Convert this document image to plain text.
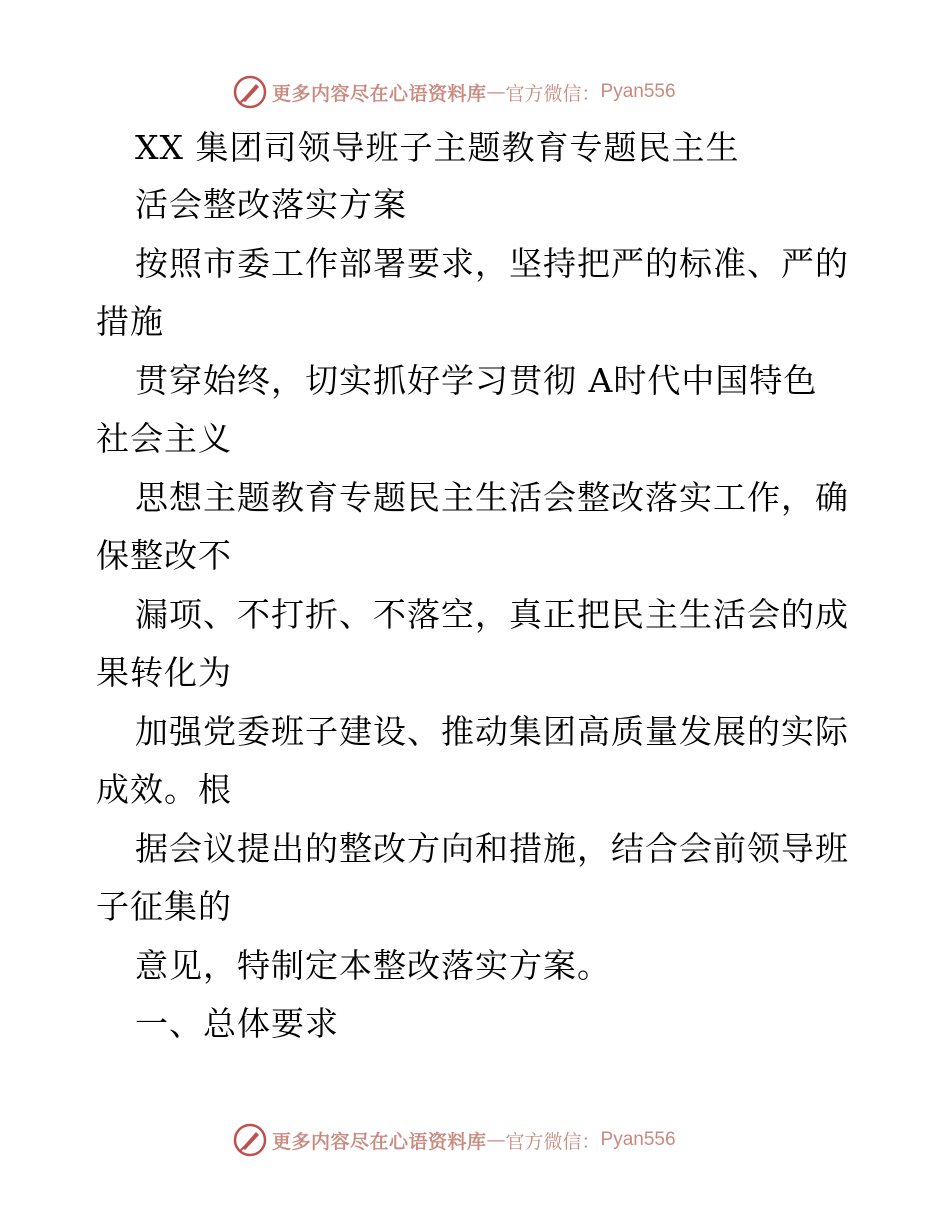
更多内容尽在心语资料库 — 官方微信： Pyan556
XX 集团司领导班子主题教育专题民主生
活会整改落实方案
按照市委工作部署要求，坚持把严的标准、严的
措施
贯穿始终，切实抓好学习贯彻 A时代中国特色
社会主义
思想主题教育专题民主生活会整改落实工作，确
保整改不
漏项、不打折、不落空，真正把民主生活会的成
果转化为
加强党委班子建设、推动集团高质量发展的实际
成效。根
据会议提出的整改方向和措施，结合会前领导班
子征集的
意见，特制定本整改落实方案。
一、总体要求
更多内容尽在心语资料库 — 官方微信： Pyan556
